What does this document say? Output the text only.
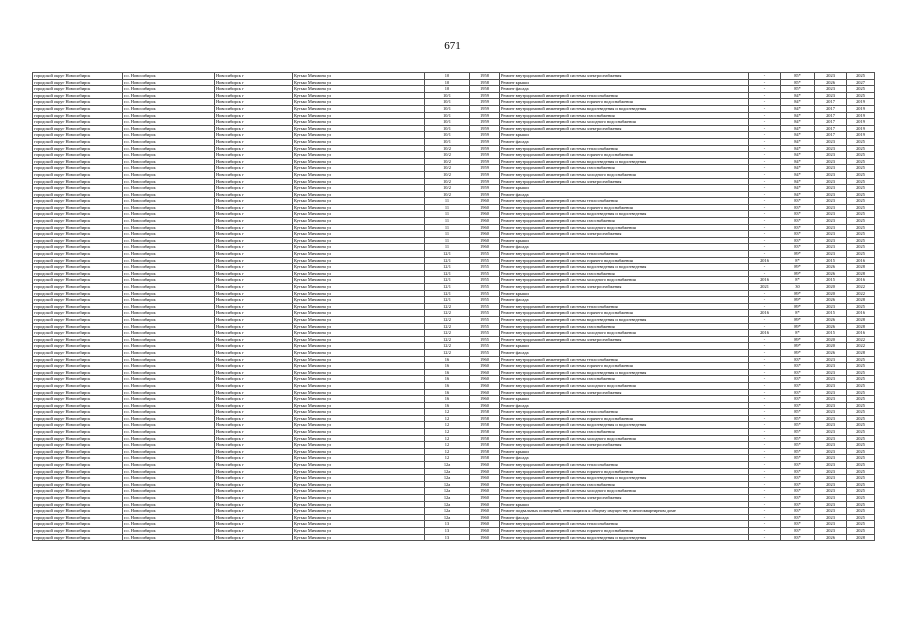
671
городской округ Новосибирск	г.о. Новосибирск	Новосибирск г	Кутько Мичмина ул	10	1958	Ремонт внутридомовой инженерной системы электроснабжения	-	85*	2023	2025
городской округ Новосибирск	г.о. Новосибирск	Новосибирск г	Кутько Мичмина ул	10	1958	Ремонт крыши	-	85*	2026	2027
городской округ Новосибирск	г.о. Новосибирск	Новосибирск г	Кутько Мичмина ул	10	1958	Ремонт фасада	-	85*	2023	2025
городской округ Новосибирск	г.о. Новосибирск	Новосибирск г	Кутько Мичмина ул	10/1	1959	Ремонт внутридомовой инженерной системы теплоснабжения	-	84*	2023	2025
городской округ Новосибирск	г.о. Новосибирск	Новосибирск г	Кутько Мичмина ул	10/1	1959	Ремонт внутридомовой инженерной системы горячего водоснабжения	-	84*	2017	2019
городской округ Новосибирск	г.о. Новосибирск	Новосибирск г	Кутько Мичмина ул	10/1	1959	Ремонт внутридомовой инженерной системы водоотведения и водоотведения	-	84*	2017	2019
городской округ Новосибирск	г.о. Новосибирск	Новосибирск г	Кутько Мичмина ул	10/1	1959	Ремонт внутридомовой инженерной системы газоснабжения	-	84*	2017	2019
городской округ Новосибирск	г.о. Новосибирск	Новосибирск г	Кутько Мичмина ул	10/1	1959	Ремонт внутридомовой инженерной системы холодного водоснабжения	-	84*	2017	2019
городской округ Новосибирск	г.о. Новосибирск	Новосибирск г	Кутько Мичмина ул	10/1	1959	Ремонт внутридомовой инженерной системы электроснабжения	-	84*	2017	2019
городской округ Новосибирск	г.о. Новосибирск	Новосибирск г	Кутько Мичмина ул	10/1	1959	Ремонт крыши	-	84*	2017	2019
городской округ Новосибирск	г.о. Новосибирск	Новосибирск г	Кутько Мичмина ул	10/1	1959	Ремонт фасада	-	84*	2023	2025
городской округ Новосибирск	г.о. Новосибирск	Новосибирск г	Кутько Мичмина ул	10/2	1959	Ремонт внутридомовой инженерной системы теплоснабжения	-	84*	2023	2025
городской округ Новосибирск	г.о. Новосибирск	Новосибирск г	Кутько Мичмина ул	10/2	1959	Ремонт внутридомовой инженерной системы горячего водоснабжения	-	84*	2023	2025
городской округ Новосибирск	г.о. Новосибирск	Новосибирск г	Кутько Мичмина ул	10/2	1959	Ремонт внутридомовой инженерной системы водоотведения и водоотведения	-	84*	2023	2025
городской округ Новосибирск	г.о. Новосибирск	Новосибирск г	Кутько Мичмина ул	10/2	1959	Ремонт внутридомовой инженерной системы газоснабжения	-	84*	2023	2025
городской округ Новосибирск	г.о. Новосибирск	Новосибирск г	Кутько Мичмина ул	10/2	1959	Ремонт внутридомовой инженерной системы холодного водоснабжения	-	84*	2023	2025
городской округ Новосибирск	г.о. Новосибирск	Новосибирск г	Кутько Мичмина ул	10/2	1959	Ремонт внутридомовой инженерной системы электроснабжения	-	84*	2023	2025
городской округ Новосибирск	г.о. Новосибирск	Новосибирск г	Кутько Мичмина ул	10/2	1959	Ремонт крыши	-	84*	2023	2025
городской округ Новосибирск	г.о. Новосибирск	Новосибирск г	Кутько Мичмина ул	10/2	1959	Ремонт фасада	-	84*	2023	2025
городской округ Новосибирск	г.о. Новосибирск	Новосибирск г	Кутько Мичмина ул	11	1960	Ремонт внутридомовой инженерной системы теплоснабжения	-	83*	2023	2025
городской округ Новосибирск	г.о. Новосибирск	Новосибирск г	Кутько Мичмина ул	11	1960	Ремонт внутридомовой инженерной системы горячего водоснабжения	-	83*	2023	2025
городской округ Новосибирск	г.о. Новосибирск	Новосибирск г	Кутько Мичмина ул	11	1960	Ремонт внутридомовой инженерной системы водоотведения и водоотведения	-	83*	2023	2025
городской округ Новосибирск	г.о. Новосибирск	Новосибирск г	Кутько Мичмина ул	11	1960	Ремонт внутридомовой инженерной системы газоснабжения	-	83*	2023	2025
городской округ Новосибирск	г.о. Новосибирск	Новосибирск г	Кутько Мичмина ул	11	1960	Ремонт внутридомовой инженерной системы холодного водоснабжения	-	83*	2023	2025
городской округ Новосибирск	г.о. Новосибирск	Новосибирск г	Кутько Мичмина ул	11	1960	Ремонт внутридомовой инженерной системы электроснабжения	-	83*	2023	2025
городской округ Новосибирск	г.о. Новосибирск	Новосибирск г	Кутько Мичмина ул	11	1960	Ремонт крыши	-	83*	2023	2025
городской округ Новосибирск	г.о. Новосибирск	Новосибирск г	Кутько Мичмина ул	11	1960	Ремонт фасада	-	83*	2023	2025
городской округ Новосибирск	г.о. Новосибирск	Новосибирск г	Кутько Мичмина ул	12/1	1955	Ремонт внутридомовой инженерной системы теплоснабжения	-	89*	2023	2025
городской округ Новосибирск	г.о. Новосибирск	Новосибирск г	Кутько Мичмина ул	12/1	1955	Ремонт внутридомовой инженерной системы горячего водоснабжения	2016	8*	2015	2016
городской округ Новосибирск	г.о. Новосибирск	Новосибирск г	Кутько Мичмина ул	12/1	1955	Ремонт внутридомовой инженерной системы водоотведения и водоотведения	-	89*	2026	2028
городской округ Новосибирск	г.о. Новосибирск	Новосибирск г	Кутько Мичмина ул	12/1	1955	Ремонт внутридомовой инженерной системы газоснабжения	-	89*	2026	2028
городской округ Новосибирск	г.о. Новосибирск	Новосибирск г	Кутько Мичмина ул	12/1	1955	Ремонт внутридомовой инженерной системы холодного водоснабжения	2016	8*	2015	2016
городской округ Новосибирск	г.о. Новосибирск	Новосибирск г	Кутько Мичмина ул	12/1	1955	Ремонт внутридомовой инженерной системы электроснабжения	2021	30	2020	2022
городской округ Новосибирск	г.о. Новосибирск	Новосибирск г	Кутько Мичмина ул	12/1	1955	Ремонт крыши	-	89*	2020	2022
городской округ Новосибирск	г.о. Новосибирск	Новосибирск г	Кутько Мичмина ул	12/1	1955	Ремонт фасада	-	89*	2026	2028
городской округ Новосибирск	г.о. Новосибирск	Новосибирск г	Кутько Мичмина ул	12/2	1955	Ремонт внутридомовой инженерной системы теплоснабжения	-	89*	2023	2025
городской округ Новосибирск	г.о. Новосибирск	Новосибирск г	Кутько Мичмина ул	12/2	1955	Ремонт внутридомовой инженерной системы горячего водоснабжения	2016	8*	2015	2016
городской округ Новосибирск	г.о. Новосибирск	Новосибирск г	Кутько Мичмина ул	12/2	1955	Ремонт внутридомовой инженерной системы водоотведения и водоотведения	-	89*	2026	2028
городской округ Новосибирск	г.о. Новосибирск	Новосибирск г	Кутько Мичмина ул	12/2	1955	Ремонт внутридомовой инженерной системы газоснабжения	-	89*	2026	2028
городской округ Новосибирск	г.о. Новосибирск	Новосибирск г	Кутько Мичмина ул	12/2	1955	Ремонт внутридомовой инженерной системы холодного водоснабжения	2016	8*	2015	2016
городской округ Новосибирск	г.о. Новосибирск	Новосибирск г	Кутько Мичмина ул	12/2	1955	Ремонт внутридомовой инженерной системы электроснабжения	-	89*	2020	2022
городской округ Новосибирск	г.о. Новосибирск	Новосибирск г	Кутько Мичмина ул	12/2	1955	Ремонт крыши	-	89*	2020	2022
городской округ Новосибирск	г.о. Новосибирск	Новосибирск г	Кутько Мичмина ул	12/2	1955	Ремонт фасада	-	89*	2026	2028
городской округ Новосибирск	г.о. Новосибирск	Новосибирск г	Кутько Мичмина ул	16	1960	Ремонт внутридомовой инженерной системы теплоснабжения	-	83*	2023	2025
городской округ Новосибирск	г.о. Новосибирск	Новосибирск г	Кутько Мичмина ул	16	1960	Ремонт внутридомовой инженерной системы горячего водоснабжения	-	83*	2023	2025
городской округ Новосибирск	г.о. Новосибирск	Новосибирск г	Кутько Мичмина ул	16	1960	Ремонт внутридомовой инженерной системы водоотведения и водоотведения	-	83*	2023	2025
городской округ Новосибирск	г.о. Новосибирск	Новосибирск г	Кутько Мичмина ул	16	1960	Ремонт внутридомовой инженерной системы газоснабжения	-	83*	2023	2025
городской округ Новосибирск	г.о. Новосибирск	Новосибирск г	Кутько Мичмина ул	16	1960	Ремонт внутридомовой инженерной системы холодного водоснабжения	-	83*	2023	2025
городской округ Новосибирск	г.о. Новосибирск	Новосибирск г	Кутько Мичмина ул	16	1960	Ремонт внутридомовой инженерной системы электроснабжения	-	83*	2023	2025
городской округ Новосибирск	г.о. Новосибирск	Новосибирск г	Кутько Мичмина ул	16	1960	Ремонт крыши	-	83*	2023	2025
городской округ Новосибирск	г.о. Новосибирск	Новосибирск г	Кутько Мичмина ул	16	1960	Ремонт фасада	-	83*	2023	2025
городской округ Новосибирск	г.о. Новосибирск	Новосибирск г	Кутько Мичмина ул	12	1958	Ремонт внутридомовой инженерной системы теплоснабжения	-	85*	2023	2025
городской округ Новосибирск	г.о. Новосибирск	Новосибирск г	Кутько Мичмина ул	12	1958	Ремонт внутридомовой инженерной системы горячего водоснабжения	-	85*	2023	2025
городской округ Новосибирск	г.о. Новосибирск	Новосибирск г	Кутько Мичмина ул	12	1958	Ремонт внутридомовой инженерной системы водоотведения и водоотведения	-	85*	2023	2025
городской округ Новосибирск	г.о. Новосибирск	Новосибирск г	Кутько Мичмина ул	12	1958	Ремонт внутридомовой инженерной системы газоснабжения	-	85*	2023	2025
городской округ Новосибирск	г.о. Новосибирск	Новосибирск г	Кутько Мичмина ул	12	1958	Ремонт внутридомовой инженерной системы холодного водоснабжения	-	85*	2023	2025
городской округ Новосибирск	г.о. Новосибирск	Новосибирск г	Кутько Мичмина ул	12	1958	Ремонт внутридомовой инженерной системы электроснабжения	-	85*	2023	2025
городской округ Новосибирск	г.о. Новосибирск	Новосибирск г	Кутько Мичмина ул	12	1958	Ремонт крыши	-	85*	2023	2025
городской округ Новосибирск	г.о. Новосибирск	Новосибирск г	Кутько Мичмина ул	12	1958	Ремонт фасада	-	85*	2023	2025
городской округ Новосибирск	г.о. Новосибирск	Новосибирск г	Кутько Мичмина ул	12a	1960	Ремонт внутридомовой инженерной системы теплоснабжения	-	83*	2023	2025
городской округ Новосибирск	г.о. Новосибирск	Новосибирск г	Кутько Мичмина ул	12a	1960	Ремонт внутридомовой инженерной системы горячего водоснабжения	-	83*	2023	2025
городской округ Новосибирск	г.о. Новосибирск	Новосибирск г	Кутько Мичмина ул	12a	1960	Ремонт внутридомовой инженерной системы водоотведения и водоотведения	-	83*	2023	2025
городской округ Новосибирск	г.о. Новосибирск	Новосибирск г	Кутько Мичмина ул	12a	1960	Ремонт внутридомовой инженерной системы газоснабжения	-	83*	2023	2025
городской округ Новосибирск	г.о. Новосибирск	Новосибирск г	Кутько Мичмина ул	12a	1960	Ремонт внутридомовой инженерной системы холодного водоснабжения	-	83*	2023	2025
городской округ Новосибирск	г.о. Новосибирск	Новосибирск г	Кутько Мичмина ул	12a	1960	Ремонт внутридомовой инженерной системы электроснабжения	-	83*	2023	2025
городской округ Новосибирск	г.о. Новосибирск	Новосибирск г	Кутько Мичмина ул	12a	1960	Ремонт крыши	-	83*	2023	2025
городской округ Новосибирск	г.о. Новосибирск	Новосибирск г	Кутько Мичмина ул	12a	1960	Ремонт подвальных помещений, относящихся к общему имуществу в многоквартирном доме	-	83*	2023	2025
городской округ Новосибирск	г.о. Новосибирск	Новосибирск г	Кутько Мичмина ул	12a	1960	Ремонт фасада	-	83*	2023	2025
городской округ Новосибирск	г.о. Новосибирск	Новосибирск г	Кутько Мичмина ул	13	1960	Ремонт внутридомовой инженерной системы теплоснабжения	-	83*	2023	2025
городской округ Новосибирск	г.о. Новосибирск	Новосибирск г	Кутько Мичмина ул	13	1960	Ремонт внутридомовой инженерной системы горячего водоснабжения	-	83*	2023	2025
городской округ Новосибирск	г.о. Новосибирск	Новосибирск г	Кутько Мичмина ул	13	1960	Ремонт внутридомовой инженерной системы водоотведения и водоотведения	-	83*	2026	2028
